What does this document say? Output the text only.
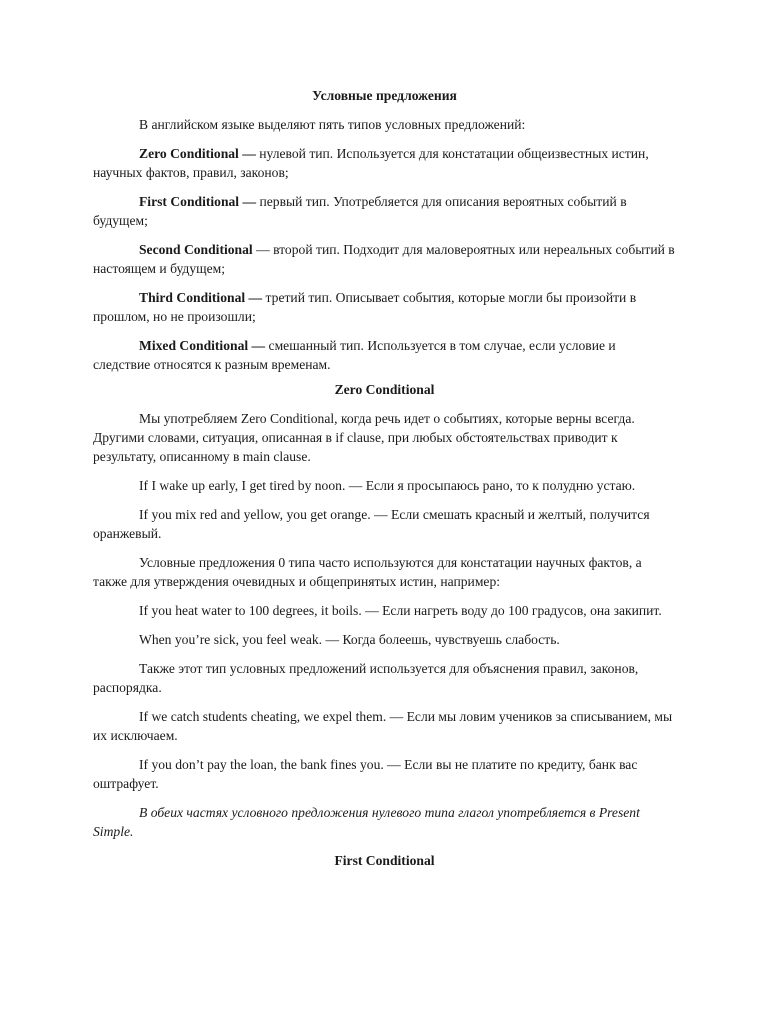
Условные предложения

В английском языке выделяют пять типов условных предложений:

Zero Conditional — нулевой тип. Используется для констатации общеизвестных истин, научных фактов, правил, законов;

First Conditional — первый тип. Употребляется для описания вероятных событий в будущем;

Second Conditional — второй тип. Подходит для маловероятных или нереальных событий в настоящем и будущем;

Third Conditional — третий тип. Описывает события, которые могли бы произойти в прошлом, но не произошли;

Mixed Conditional — смешанный тип. Используется в том случае, если условие и следствие относятся к разным временам.

Zero Conditional

Мы употребляем Zero Conditional, когда речь идет о событиях, которые верны всегда. Другими словами, ситуация, описанная в if clause, при любых обстоятельствах приводит к результату, описанному в main clause.

If I wake up early, I get tired by noon. — Если я просыпаюсь рано, то к полудню устаю.

If you mix red and yellow, you get orange. — Если смешать красный и желтый, получится оранжевый.

Условные предложения 0 типа часто используются для констатации научных фактов, а также для утверждения очевидных и общепринятых истин, например:

If you heat water to 100 degrees, it boils. — Если нагреть воду до 100 градусов, она закипит.

When you’re sick, you feel weak. — Когда болеешь, чувствуешь слабость.

Также этот тип условных предложений используется для объяснения правил, законов, распорядка.

If we catch students cheating, we expel them. — Если мы ловим учеников за списыванием, мы их исключаем.

If you don’t pay the loan, the bank fines you. — Если вы не платите по кредиту, банк вас оштрафует.

В обеих частях условного предложения нулевого типа глагол употребляется в Present Simple.

First Conditional
